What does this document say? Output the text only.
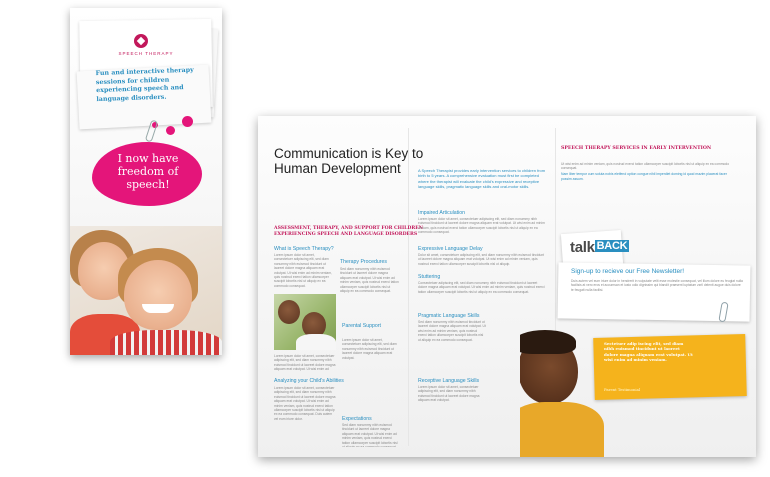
SPEECH THERAPY
Fun and interactive therapy sessions for children experiencing speech and language disorders.
I now have freedom of speech!
Communication is Key to Human Development
ASSESSMENT, THERAPY, AND SUPPORT FOR CHILDREN EXPERIENCING SPEECH AND LANGUAGE DISORDERS
What is Speech Therapy?
Lorem ipsum dolor sit amet, consectetuer adipiscing elit, sed diam nonummy nibh euismod tincidunt ut laoreet dolore magna aliquam erat volutpat. Ut wisi enim ad minim veniam, quis nostrud exerci tation ullamcorper suscipit lobortis nisl ut aliquip ex ea commodo consequat.
Therapy Procedures
Sed diam nonummy nibh euismod tincidunt ut laoreet dolore magna aliquam erat volutpat. Ut wisi enim ad minim veniam, quis nostrud exerci tation ullamcorper suscipit lobortis nisl ut aliquip ex ea commodo consequat.
Parental Support
Lorem ipsum dolor sit amet, consectetuer adipiscing elit, sed diam nonummy nibh euismod tincidunt ut laoreet dolore magna aliquam erat volutpat.
Lorem ipsum dolor sit amet, consectetuer adipiscing elit, sed diam nonummy nibh euismod tincidunt ut laoreet dolore magna aliquam erat volutpat. Ut wisi enim ad
Analyzing your Child's Abilities
Lorem ipsum dolor sit amet, consectetuer adipiscing elit, sed diam nonummy nibh euismod tincidunt ut laoreet dolore magna aliquam erat volutpat. Ut wisi enim ad minim veniam, quis nostrud exerci tation ullamcorper suscipit lobortis nisl ut aliquip ex ea commodo consequat. Duis autem vel eum iriure dolor.	Expectations
Sed diam nonummy nibh euismod tincidunt ut laoreet dolore magna aliquam erat volutpat. Ut wisi enim ad minim veniam, quis nostrud exerci tation ullamcorper suscipit lobortis nisl
A Speech Therapist provides early intervention services to children from birth to 5 years. A comprehensive evaluation must first be completed where the therapist will evaluate the child's expressive and receptive language skills, pragmatic language skills and oral-motor skills.
Impaired Articulation
Lorem ipsum dolor sit amet, consectetuer adipiscing elit, sed diam nonummy nibh euismod tincidunt ut laoreet dolore magna aliquam erat volutpat. Ut wisi enim ad minim veniam, quis nostrud exerci tation ullamcorper suscipit lobortis nisl ut aliquip ex ea commodo consequat.
Expressive Language Delay
Dolor sit amet, consectetuer adipiscing elit, sed diam nonummy nibh euismod tincidunt ut laoreet dolore magna aliquam erat volutpat. Ut wisi enim ad minim veniam, quis nostrud exerci tation ullamcorper suscipit lobortis nisl ut aliquip.
Stuttering
Consectetuer adipiscing elit, sed diam nonummy nibh euismod tincidunt ut laoreet dolore magna aliquam erat volutpat. Ut wisi enim ad minim veniam, quis nostrud exerci tation ullamcorper suscipit lobortis nisl ut aliquip ex ea commodo consequat.
Pragmatic Language Skills
Sed diam nonummy nibh euismod tincidunt ut laoreet dolore magna aliquam erat volutpat. Ut wisi enim ad minim veniam, quis nostrud exerci tation ullamcorper suscipit lobortis nisl ut aliquip ex ea commodo consequat.
Receptive Language Skills
Lorem ipsum dolor sit amet, consectetuer adipiscing elit, sed diam nonummy nibh euismod tincidunt ut laoreet dolore magna aliquam erat volutpat.
SPEECH THERAPY SERVICES IN EARLY INTERVENTION
Ut wisi enim ad minim veniam, quis nostrud exerci tation ullamcorper suscipit lobortis nisl ut aliquip ex ea commodo consequat.
Nam liber tempor cum soluta nobis eleifend option congue nihil imperdiet doming id quod mazim placerat facer possim assum.
talk $^{BACK}$
Sign-up to recieve our Free Newsletter!
Duis autem vel eum iriure dolor in hendrerit in vulputate velit esse molestie consequat, vel illum dolore eu feugiat nulla facilisis at vero eros et accumsan et iusto odio dignissim qui blandit praesent luptatum zzril delenit augue duis dolore te feugait nulla facilisi.
Sectetuer adip iscing elit, sed diam nibh euismod tincidunt ut laoreet dolore magna aliquam erat volutpat. Ut wisi enim ad minim veniam.
Parent Testimonial
